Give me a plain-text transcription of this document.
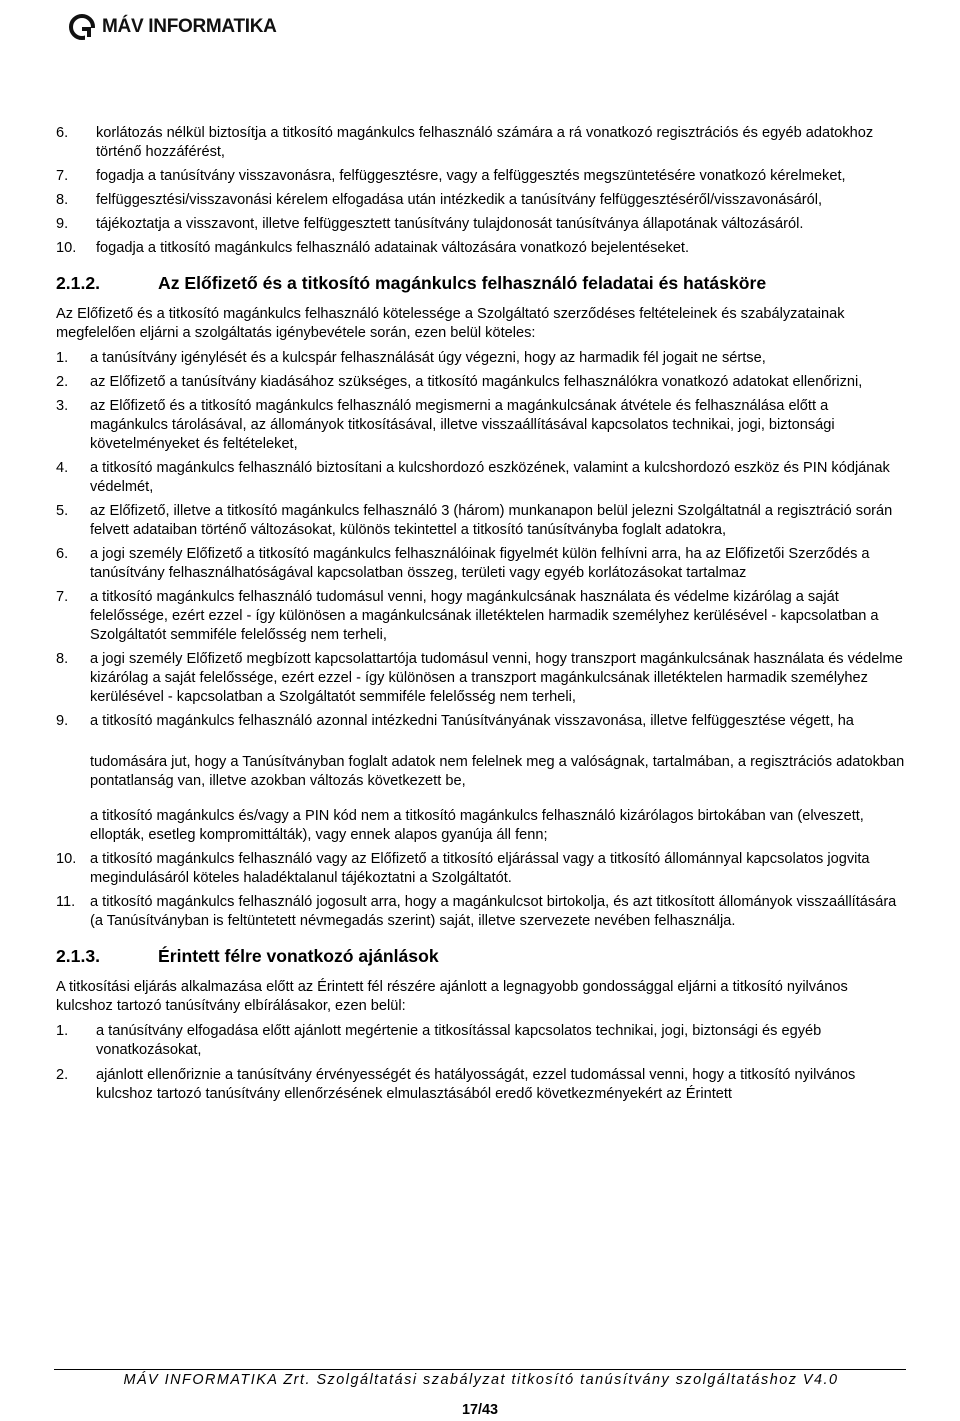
MÁV INFORMATIKA
6. korlátozás nélkül biztosítja a titkosító magánkulcs felhasználó számára a rá vonatkozó regisztrációs és egyéb adatokhoz történő hozzáférést,
7. fogadja a tanúsítvány visszavonásra, felfüggesztésre, vagy a felfüggesztés megszüntetésére vonatkozó kérelmeket,
8. felfüggesztési/visszavonási kérelem elfogadása után intézkedik a tanúsítvány felfüggesztéséről/visszavonásáról,
9. tájékoztatja a visszavont, illetve felfüggesztett tanúsítvány tulajdonosát tanúsítványa állapotának változásáról.
10. fogadja a titkosító magánkulcs felhasználó adatainak változására vonatkozó bejelentéseket.
2.1.2.	Az Előfizető és a titkosító magánkulcs felhasználó feladatai és hatásköre
Az Előfizető és a titkosító magánkulcs felhasználó kötelessége a Szolgáltató szerződéses feltételeinek és szabályzatainak megfelelően eljárni a szolgáltatás igénybevétele során, ezen belül köteles:
1. a tanúsítvány igénylését és a kulcspár felhasználását úgy végezni, hogy az harmadik fél jogait ne sértse,
2. az Előfizető a tanúsítvány kiadásához szükséges, a titkosító magánkulcs felhasználókra vonatkozó adatokat ellenőrizni,
3. az Előfizető és a titkosító magánkulcs felhasználó megismerni a magánkulcsának átvétele és felhasználása előtt a magánkulcs tárolásával, az állományok titkosításával, illetve visszaállításával kapcsolatos technikai, jogi, biztonsági követelményeket és feltételeket,
4. a titkosító magánkulcs felhasználó biztosítani a kulcshordozó eszközének, valamint a kulcshordozó eszköz és PIN kódjának védelmét,
5. az Előfizető, illetve a titkosító magánkulcs felhasználó 3 (három) munkanapon belül jelezni Szolgáltatnál a regisztráció során felvett adataiban történő változásokat, különös tekintettel a titkosító tanúsítványba foglalt adatokra,
6. a jogi személy Előfizető a titkosító magánkulcs felhasználóinak figyelmét külön felhívni arra, ha az Előfizetői Szerződés a tanúsítvány felhasználhatóságával kapcsolatban összeg, területi vagy egyéb korlátozásokat tartalmaz
7. a titkosító magánkulcs felhasználó tudomásul venni, hogy magánkulcsának használata és védelme kizárólag a saját felelőssége, ezért ezzel - így különösen a magánkulcsának illetéktelen harmadik személyhez kerülésével - kapcsolatban a Szolgáltatót semmiféle felelősség nem terheli,
8. a jogi személy Előfizető megbízott kapcsolattartója tudomásul venni, hogy transzport magánkulcsának használata és védelme kizárólag a saját felelőssége, ezért ezzel - így különösen a transzport magánkulcsának illetéktelen harmadik személyhez kerülésével - kapcsolatban a Szolgáltatót semmiféle felelősség nem terheli,
9. a titkosító magánkulcs felhasználó azonnal intézkedni Tanúsítványának visszavonása, illetve felfüggesztése végett, ha
tudomására jut, hogy a Tanúsítványban foglalt adatok nem felelnek meg a valóságnak, tartalmában, a regisztrációs adatokban pontatlanság van, illetve azokban változás következett be,
a titkosító magánkulcs és/vagy a PIN kód nem a titkosító magánkulcs felhasználó kizárólagos birtokában van (elveszett, ellopták, esetleg kompromittálták), vagy ennek alapos gyanúja áll fenn;
10. a titkosító magánkulcs felhasználó vagy az Előfizető a titkosító eljárással vagy a titkosító állománnyal kapcsolatos jogvita megindulásáról köteles haladéktalanul tájékoztatni a Szolgáltatót.
11. a titkosító magánkulcs felhasználó jogosult arra, hogy a magánkulcsot birtokolja, és azt titkosított állományok visszaállítására (a Tanúsítványban is feltüntetett névmegadás szerint) saját, illetve szervezete nevében felhasználja.
2.1.3.	Érintett félre vonatkozó ajánlások
A titkosítási eljárás alkalmazása előtt az Érintett fél részére ajánlott a legnagyobb gondossággal eljárni a titkosító nyilvános kulcshoz tartozó tanúsítvány elbírálásakor, ezen belül:
1. a tanúsítvány elfogadása előtt ajánlott megértenie a titkosítással kapcsolatos technikai, jogi, biztonsági és egyéb vonatkozásokat,
2. ajánlott ellenőriznie a tanúsítvány érvényességét és hatályosságát, ezzel tudomással venni, hogy a titkosító nyilvános kulcshoz tartozó tanúsítvány ellenőrzésének elmulasztásából eredő következményekért az Érintett
MÁV INFORMATIKA Zrt. Szolgáltatási szabályzat titkosító tanúsítvány szolgáltatáshoz V4.0
17/43
